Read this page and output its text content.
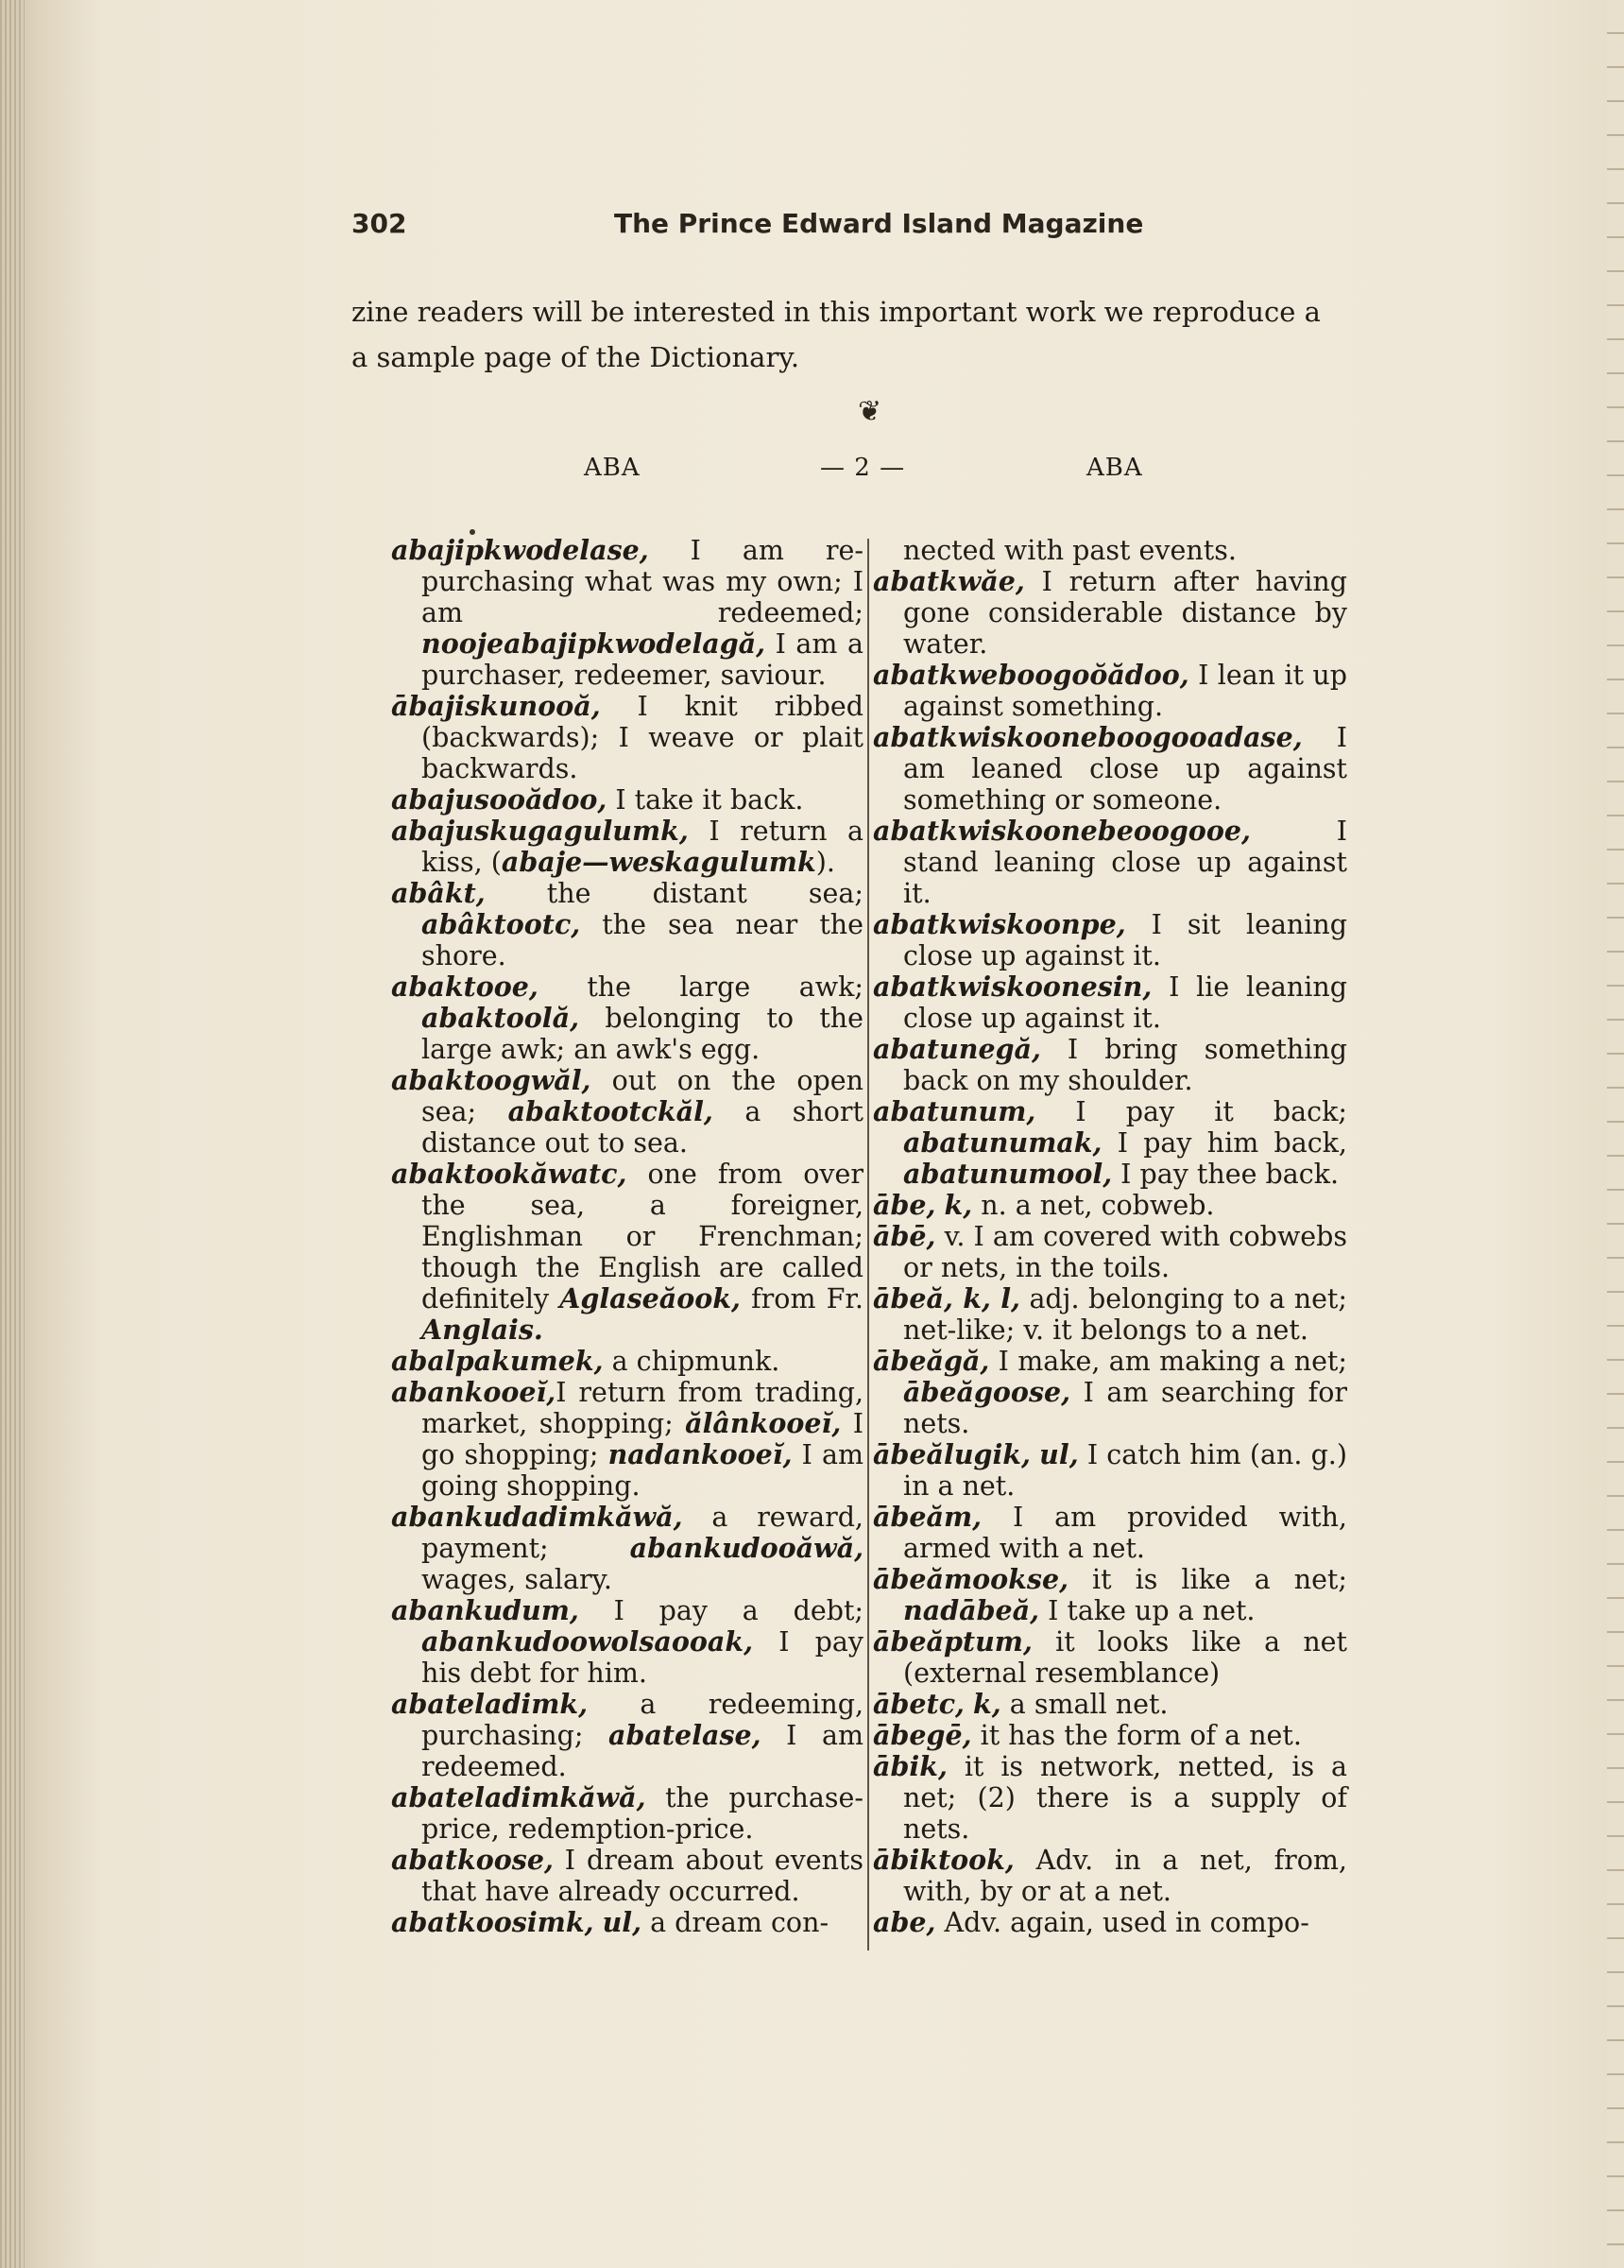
302	The Prince Edward Island Magazine
zine readers will be interested in this important work we reproduce a
a sample page of the Dictionary.
❦
ABA	— 2 —	ABA

abajipkwodelase, I am re-purchasing what was my own; I am redeemed; noojeabajipkwodelagă, I am a purchaser, redeemer, saviour.

ābajiskunooă, I knit ribbed (backwards); I weave or plait backwards.

abajusooădoo, I take it back.

abajuskugagulumk, I return a kiss, (abaje—weskagulumk).

abâkt, the distant sea; abâktootc, the sea near the shore.

abaktooe, the large awk; abaktoolă, belonging to the large awk; an awk's egg.

abaktoogwăl, out on the open sea; abaktootckăl, a short distance out to sea.

abaktookăwatc, one from over the sea, a foreigner, Englishman or Frenchman; though the English are called definitely Aglaseăook, from Fr. Anglais.

abalpakumek, a chipmunk.

abankooeĭ,I return from trading, market, shopping; ălânkooeĭ, I go shopping; nadankooeĭ, I am going shopping.

abankudadimkăwă, a reward, payment; abankudooăwă, wages, salary.

abankudum, I pay a debt; abankudoowolsaooak, I pay his debt for him.

abateladimk, a redeeming, purchasing; abatelase, I am redeemed.

abateladimkăwă, the purchase-price, redemption-price.

abatkoose, I dream about events that have already occurred.

abatkoosimk, ul, a dream con-

nected with past events.

abatkwăe, I return after having gone considerable distance by water.

abatkweboogoŏădoo, I lean it up against something.

abatkwiskooneboogooadase, I am leaned close up against something or someone.

abatkwiskoonebeoogooe, I stand leaning close up against it.

abatkwiskoonpe, I sit leaning close up against it.

abatkwiskoonesin, I lie leaning close up against it.

abatunegă, I bring something back on my shoulder.

abatunum, I pay it back; abatunumak, I pay him back, abatunumool, I pay thee back.

ābe, k, n. a net, cobweb.

ābē, v. I am covered with cobwebs or nets, in the toils.

ābeă, k, l, adj. belonging to a net; net-like; v. it belongs to a net.

ābeăgă, I make, am making a net; ābeăgoose, I am searching for nets.

ābeălugik, ul, I catch him (an. g.) in a net.

ābeăm, I am provided with, armed with a net.

ābeămookse, it is like a net; nadābeă, I take up a net.

ābeăptum, it looks like a net (external resemblance)

ābetc, k, a small net.

ābegē, it has the form of a net.

ābik, it is network, netted, is a net; (2) there is a supply of nets.

ābiktook, Adv. in a net, from, with, by or at a net.

abe, Adv. again, used in compo-
